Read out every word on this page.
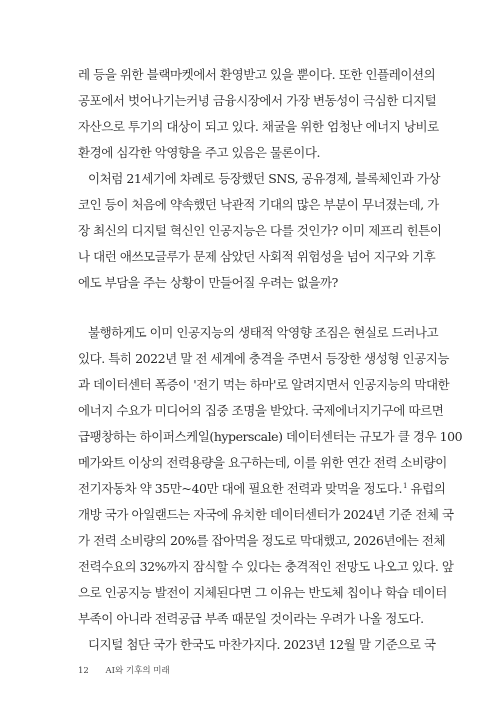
레 등을 위한 블랙마켓에서 환영받고 있을 뿐이다. 또한 인플레이션의
공포에서 벗어나기는커녕 금융시장에서 가장 변동성이 극심한 디지털
자산으로 투기의 대상이 되고 있다. 채굴을 위한 엄청난 에너지 낭비로
환경에 심각한 악영향을 주고 있음은 물론이다.
이처럼 21세기에 차례로 등장했던 SNS, 공유경제, 블록체인과 가상
코인 등이 처음에 약속했던 낙관적 기대의 많은 부분이 무너졌는데, 가
장 최신의 디지털 혁신인 인공지능은 다를 것인가? 이미 제프리 힌튼이
나 대런 애쓰모글루가 문제 삼았던 사회적 위험성을 넘어 지구와 기후
에도 부담을 주는 상황이 만들어질 우려는 없을까?
불행하게도 이미 인공지능의 생태적 악영향 조짐은 현실로 드러나고
있다. 특히 2022년 말 전 세계에 충격을 주면서 등장한 생성형 인공지능
과 데이터센터 폭증이 '전기 먹는 하마'로 알려지면서 인공지능의 막대한
에너지 수요가 미디어의 집중 조명을 받았다. 국제에너지기구에 따르면
급팽창하는 하이퍼스케일(hyperscale) 데이터센터는 규모가 클 경우 100
메가와트 이상의 전력용량을 요구하는데, 이를 위한 연간 전력 소비량이
전기자동차 약 35만~40만 대에 필요한 전력과 맞먹을 정도다.$^1$ 유럽의
개방 국가 아일랜드는 자국에 유치한 데이터센터가 2024년 기준 전체 국
가 전력 소비량의 20%를 잡아먹을 정도로 막대했고, 2026년에는 전체
전력수요의 32%까지 잠식할 수 있다는 충격적인 전망도 나오고 있다. 앞
으로 인공지능 발전이 지체된다면 그 이유는 반도체 칩이나 학습 데이터
부족이 아니라 전력공급 부족 때문일 것이라는 우려가 나올 정도다.
디지털 첨단 국가 한국도 마찬가지다. 2023년 12월 말 기준으로 국
12 AI와 기후의 미래
